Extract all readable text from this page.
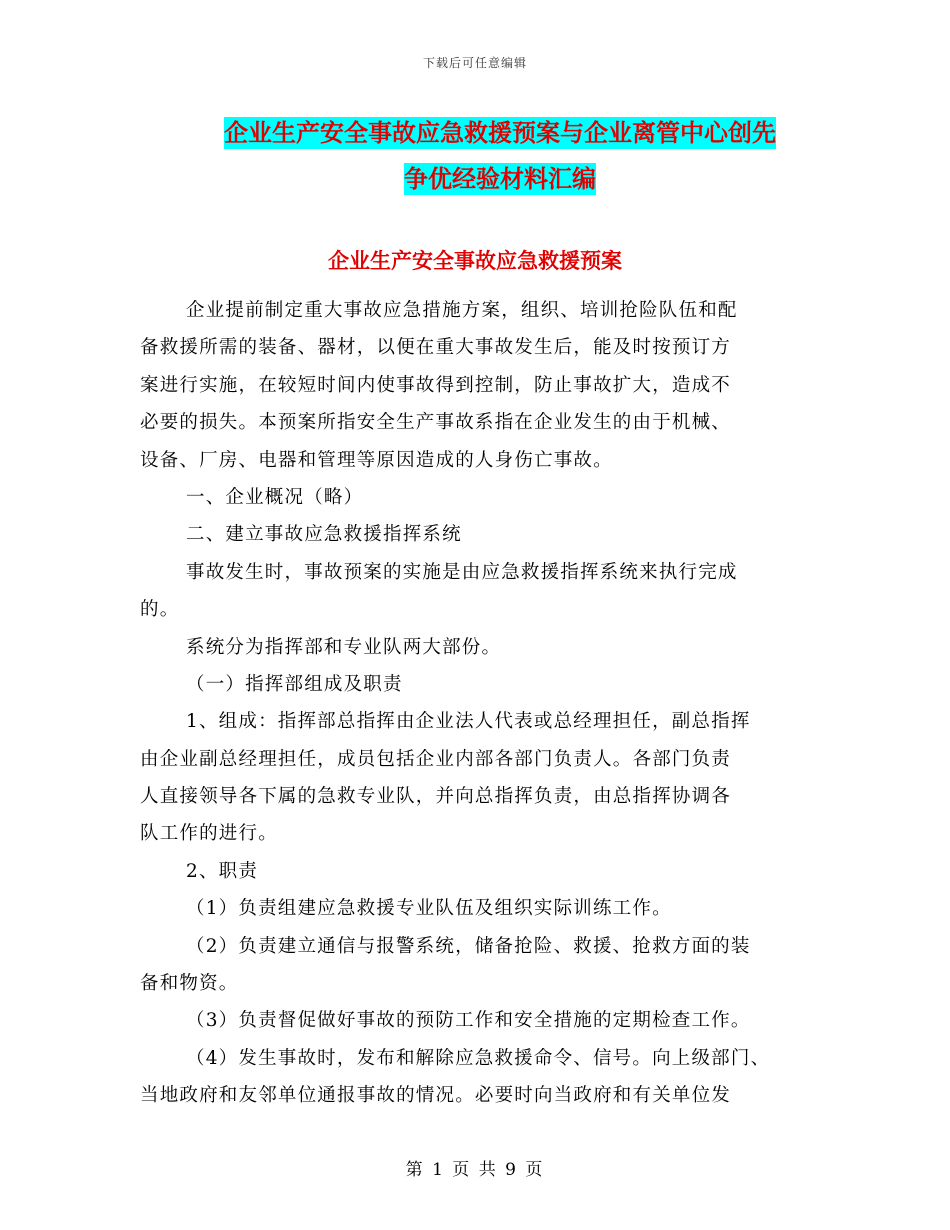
下载后可任意编辑
企业生产安全事故应急救援预案与企业离管中心创先
争优经验材料汇编
企业生产安全事故应急救援预案
企业提前制定重大事故应急措施方案，组织、培训抢险队伍和配
备救援所需的装备、器材，以便在重大事故发生后，能及时按预订方
案进行实施，在较短时间内使事故得到控制，防止事故扩大，造成不
必要的损失。本预案所指安全生产事故系指在企业发生的由于机械、
设备、厂房、电器和管理等原因造成的人身伤亡事故。
一、企业概况（略）
二、建立事故应急救援指挥系统
事故发生时，事故预案的实施是由应急救援指挥系统来执行完成
的。
系统分为指挥部和专业队两大部份。
（一）指挥部组成及职责
1、组成：指挥部总指挥由企业法人代表或总经理担任，副总指挥
由企业副总经理担任，成员包括企业内部各部门负责人。各部门负责
人直接领导各下属的急救专业队，并向总指挥负责，由总指挥协调各
队工作的进行。
2、职责
（1）负责组建应急救援专业队伍及组织实际训练工作。
（2）负责建立通信与报警系统，储备抢险、救援、抢救方面的装
备和物资。
（3）负责督促做好事故的预防工作和安全措施的定期检查工作。
（4）发生事故时，发布和解除应急救援命令、信号。向上级部门、
当地政府和友邻单位通报事故的情况。必要时向当政府和有关单位发
第 1 页 共 9 页
